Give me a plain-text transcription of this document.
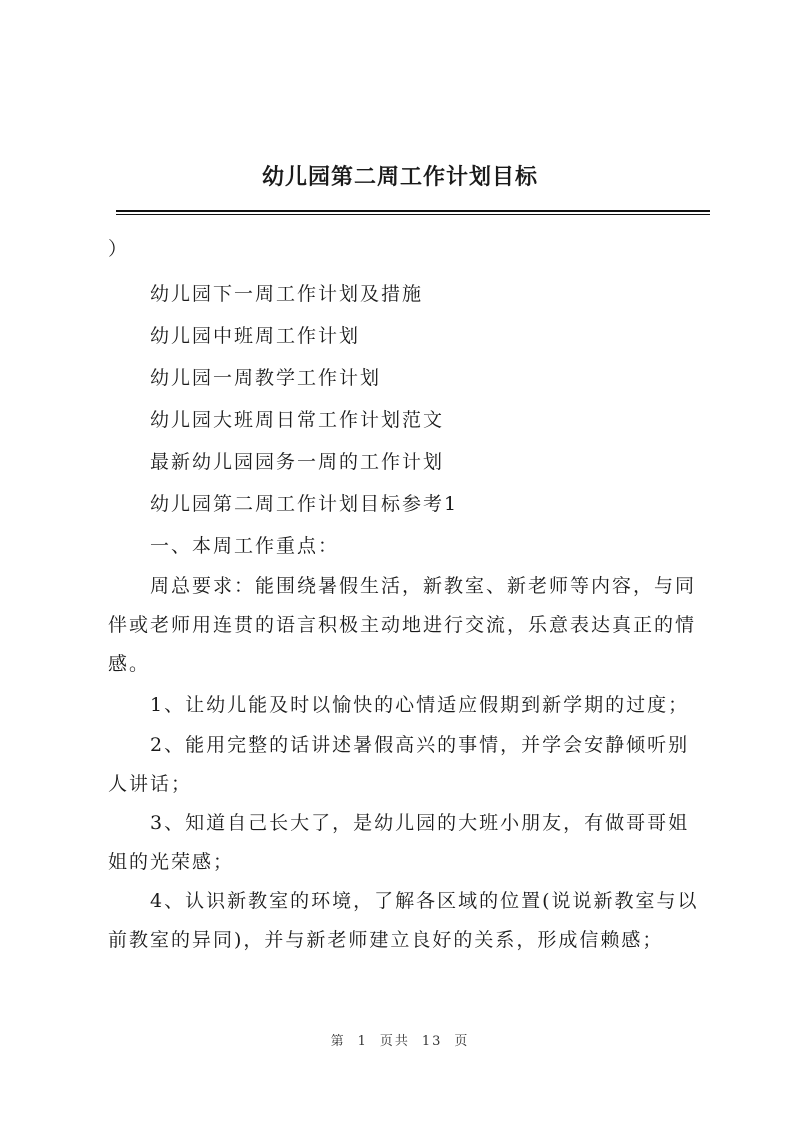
幼儿园第二周工作计划目标

）

幼儿园下一周工作计划及措施

幼儿园中班周工作计划

幼儿园一周教学工作计划

幼儿园大班周日常工作计划范文

最新幼儿园园务一周的工作计划

幼儿园第二周工作计划目标参考1

一、本周工作重点：

周总要求：能围绕暑假生活，新教室、新老师等内容，与同伴或老师用连贯的语言积极主动地进行交流，乐意表达真正的情感。

1、让幼儿能及时以愉快的心情适应假期到新学期的过度；

2、能用完整的话讲述暑假高兴的事情，并学会安静倾听别人讲话；

3、知道自己长大了，是幼儿园的大班小朋友，有做哥哥姐姐的光荣感；

4、认识新教室的环境，了解各区域的位置(说说新教室与以前教室的异同)，并与新老师建立良好的关系，形成信赖感；

第 1 页共 13 页
